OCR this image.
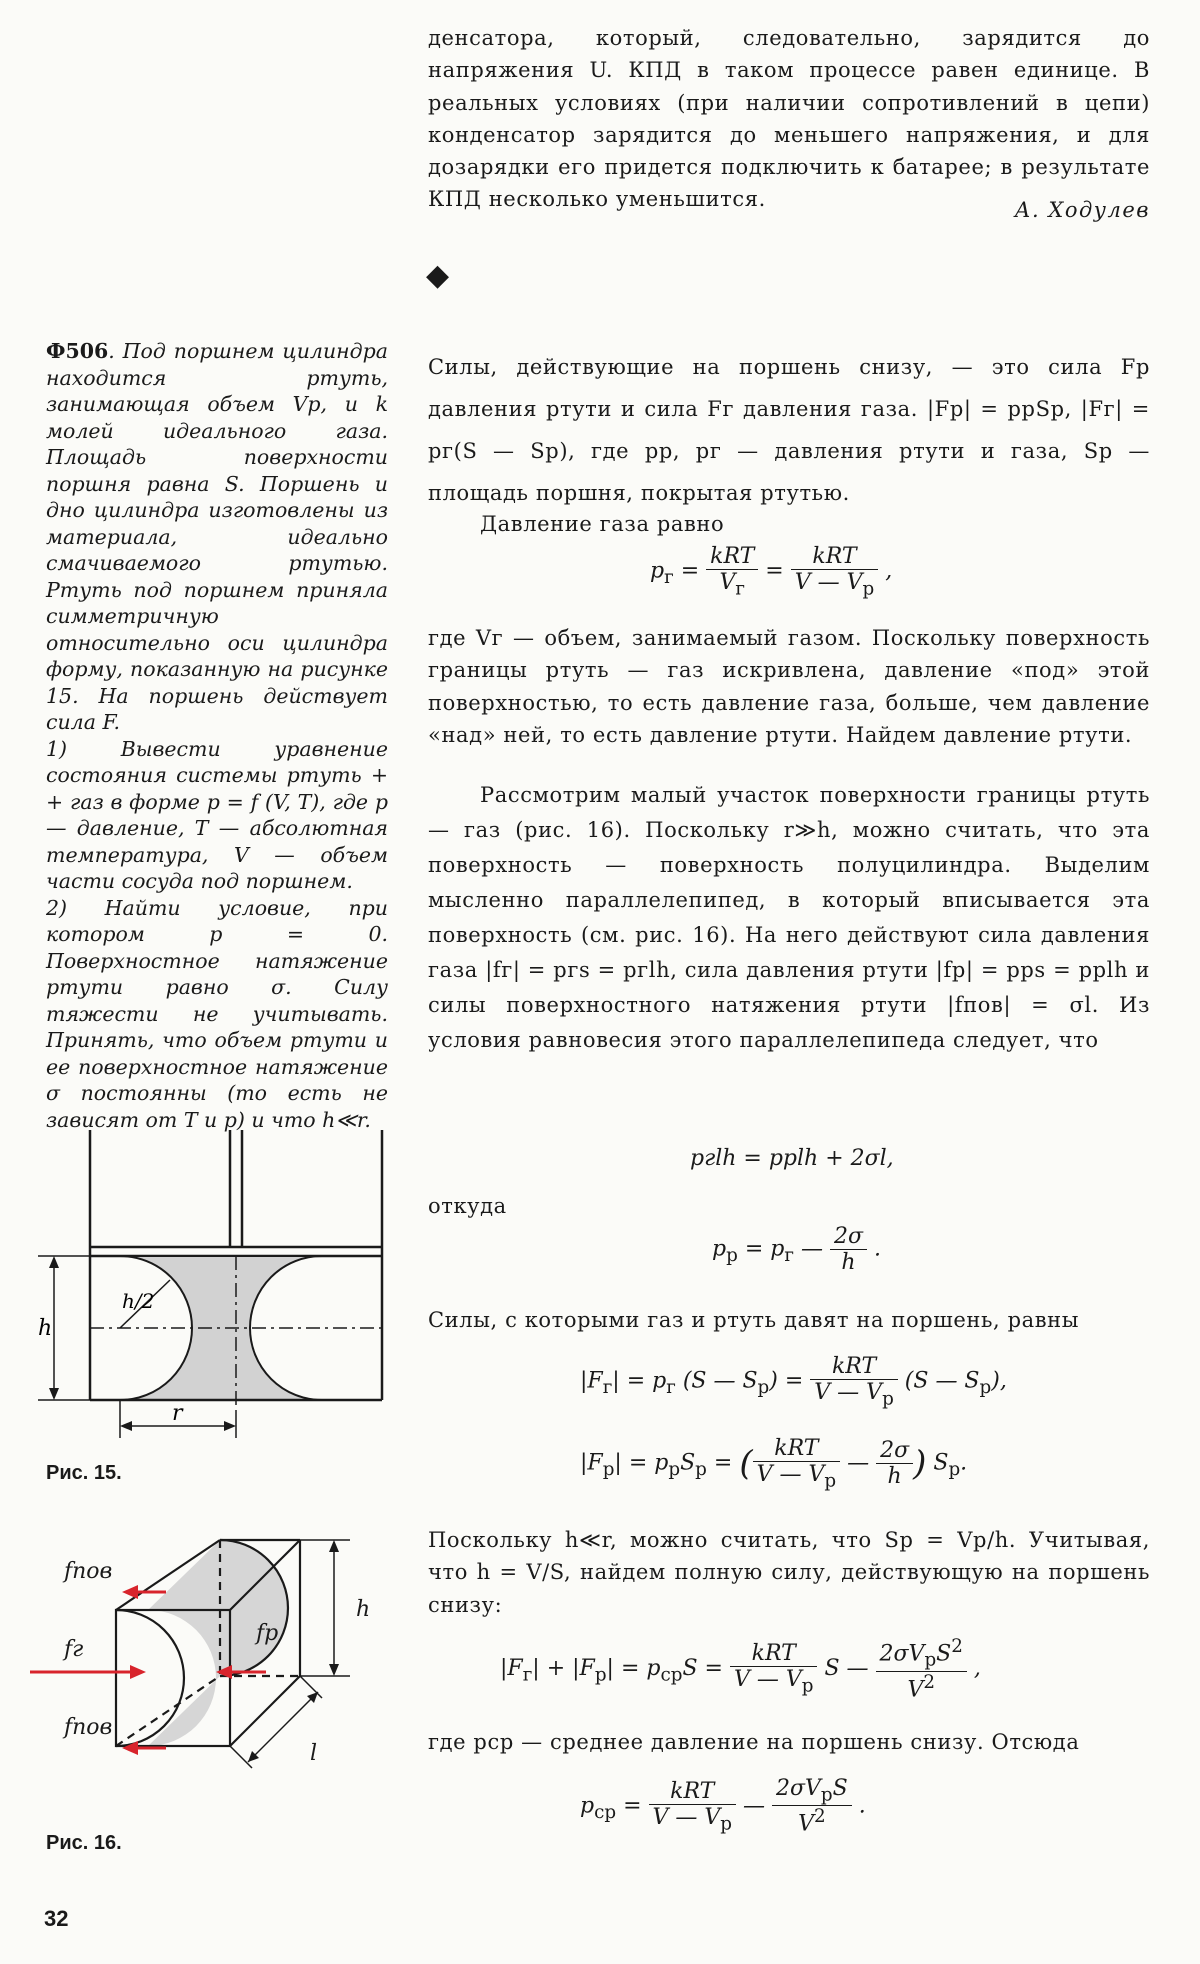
денсатора, который, следовательно, зарядится до напряжения U. КПД в таком процессе равен единице. В реальных условиях (при наличии сопротивлений в цепи) конденсатор зарядится до меньшего напряжения, и для дозарядки его придется подключить к батарее; в результате КПД несколько уменьшится.	А. Ходулев
◆

Ф506. Под поршнем цилиндра находится ртуть, занимающая объем Vр, и k молей идеального газа. Площадь поверхности поршня равна S. Поршень и дно цилиндра изготовлены из материала, идеально смачиваемого ртутью. Ртуть под поршнем приняла симметричную относительно оси цилиндра форму, показанную на рисунке 15. На поршень действует сила F.

1) Вывести уравнение состояния системы ртуть + + газ в форме p = f (V, T), где p — давление, T — абсолютная температура, V — объем части сосуда под поршнем.

2) Найти условие, при котором p = 0. Поверхностное натяжение ртути равно σ. Силу тяжести не учитывать. Принять, что объем ртути и ее поверхностное натяжение σ постоянны (то есть не зависят от T и p) и что h≪r.

h
h/2
r
Рис. 15.
fпов
fг
fпов
fр
h
l
Рис. 16.
Силы, действующие на поршень снизу, — это сила Fр давления ртути и сила Fг давления газа. |Fр| = pрSр, |Fг| = pг(S — Sр), где pр, pг — давления ртути и газа, Sр — площадь поршня, покрытая ртутью.
Давление газа равно
$p_г = \frac{\text{kRT}}{V_г} = \frac{\text{kRT}}{V — V_р}$ ,
где Vг — объем, занимаемый газом. Поскольку поверхность границы ртуть — газ искривлена, давление «под» этой поверхностью, то есть давление газа, больше, чем давление «над» ней, то есть давление ртути. Найдем давление ртути.
Рассмотрим малый участок поверхности границы ртуть — газ (рис. 16). Поскольку r≫h, можно считать, что эта поверхность — поверхность полуцилиндра. Выделим мысленно параллелепипед, в который вписывается эта поверхность (см. рис. 16). На него действуют сила давления газа |fг| = pгs = pгlh, сила давления ртути |fр| = pрs = pрlh и силы поверхностного натяжения ртути |fпов| = σl. Из условия равновесия этого параллелепипеда следует, что
pгlh = pрlh + 2σl,
откуда
$p_р = p_г$ — $\frac{2\sigma}{h}$ .
Силы, с которыми газ и ртуть давят на поршень, равны
$|F_г| = p_г$ (S — $S_р) = \frac{\text{kRT}}{V — V_р} (S$ — $S_р$),
$|F_р| = p_рS_р$ = ( $\frac{\text{kRT}}{V — V_р}$ — $\frac{2\sigma}{h}$ ) $S_р$.
Поскольку h≪r, можно считать, что Sр = Vр/h. Учитывая, что h = V/S, найдем полную силу, действующую на поршень снизу:
$|F_г| + |F_р| = p_{ср}S = \frac{\text{kRT}}{V — V_р}$ S — $\frac{2\sigma V_рS^2}{V^2}$ ,
где pср — среднее давление на поршень снизу. Отсюда
$p_{ср} = \frac{\text{kRT}}{V — V_р}$ — $\frac{2\sigma V_рS}{V^2}$ .
32
